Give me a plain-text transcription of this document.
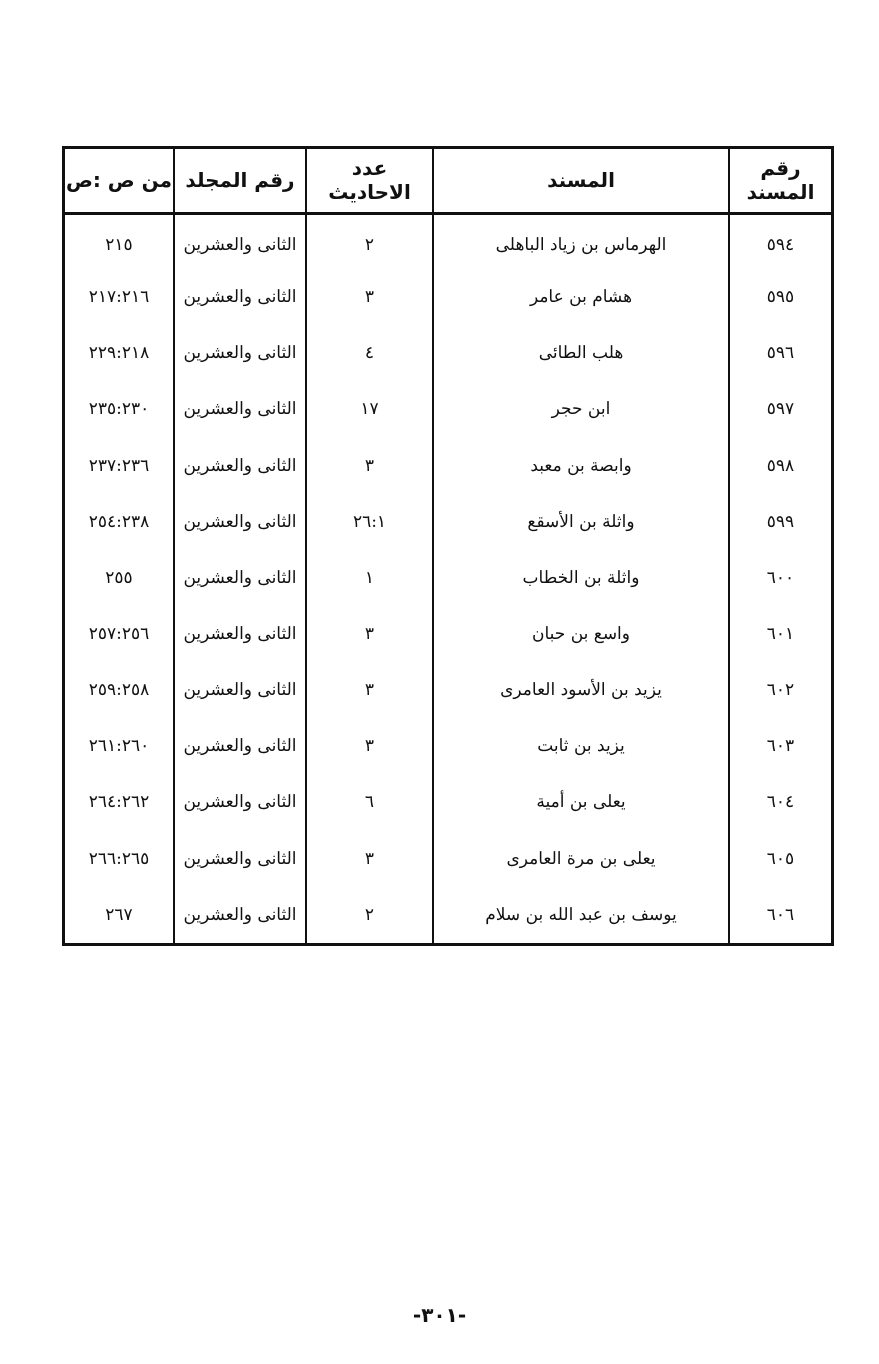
رقم المسند	المسند	عدد الاحاديث	رقم المجلد	من ص :ص
٥٩٤	الهرماس بن زياد الباهلى	٢	الثانى والعشرين	٢١٥
٥٩٥	هشام بن عامر	٣	الثانى والعشرين	٢١٧:٢١٦
٥٩٦	هلب الطائى	٤	الثانى والعشرين	٢٢٩:٢١٨
٥٩٧	ابن حجر	١٧	الثانى والعشرين	٢٣٥:٢٣٠
٥٩٨	وابصة بن معبد	٣	الثانى والعشرين	٢٣٧:٢٣٦
٥٩٩	واثلة بن الأسقع	٢٦:١	الثانى والعشرين	٢٥٤:٢٣٨
٦٠٠	واثلة بن الخطاب	١	الثانى والعشرين	٢٥٥
٦٠١	واسع بن حبان	٣	الثانى والعشرين	٢٥٧:٢٥٦
٦٠٢	يزيد بن الأسود العامرى	٣	الثانى والعشرين	٢٥٩:٢٥٨
٦٠٣	يزيد بن ثابت	٣	الثانى والعشرين	٢٦١:٢٦٠
٦٠٤	يعلى بن أمية	٦	الثانى والعشرين	٢٦٤:٢٦٢
٦٠٥	يعلى بن مرة العامرى	٣	الثانى والعشرين	٢٦٦:٢٦٥
٦٠٦	يوسف بن عبد الله بن سلام	٢	الثانى والعشرين	٢٦٧
-٣٠١-
